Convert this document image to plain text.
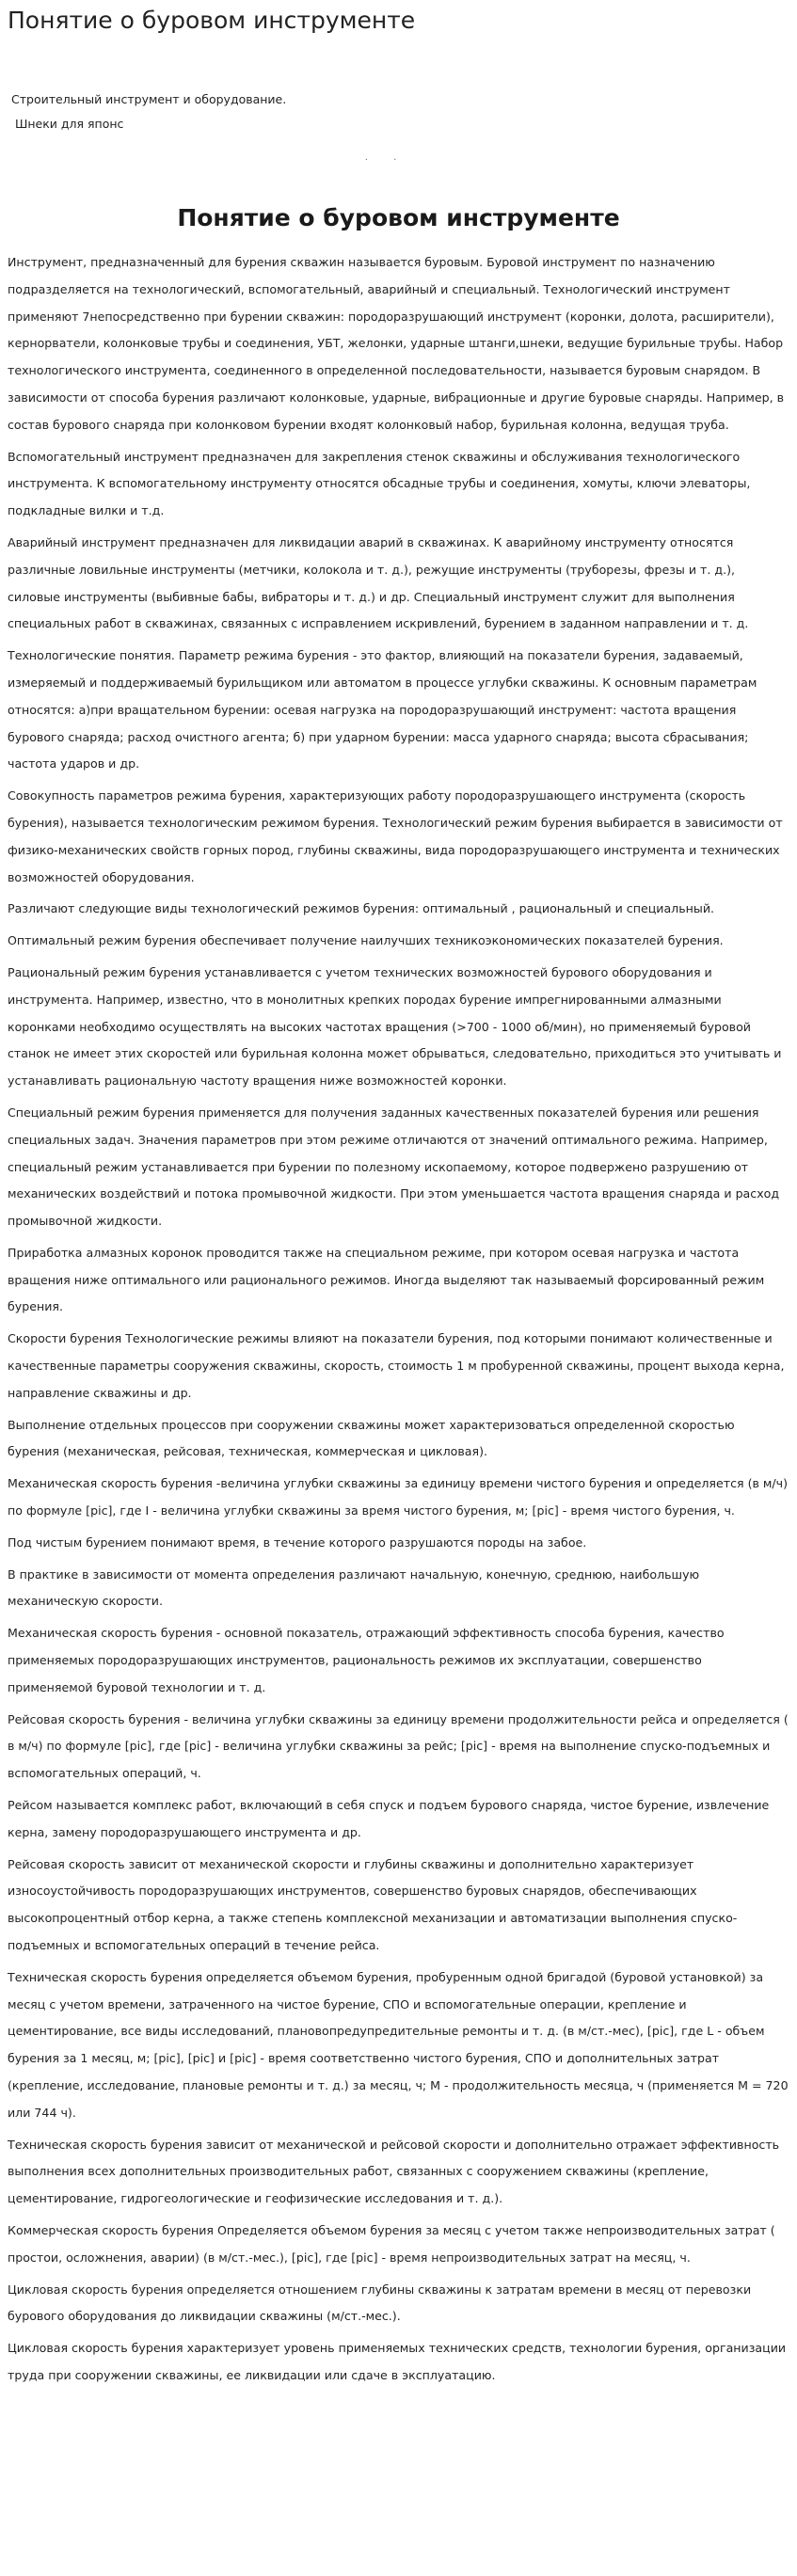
Понятие о буровом инструменте
Строительный инструмент и оборудование.
Шнеки для японс
· ·
Понятие о буровом инструменте

Инструмент, предназначенный для бурения скважин называется буровым. Буровой инструмент по назначению подразделяется на технологический, вспомогательный, аварийный и специальный. Технологический инструмент применяют 7непосредственно при бурении скважин: породоразрушающий инструмент (коронки, долота, расширители), кернорватели, колонковые трубы и соединения, УБТ, желонки, ударные штанги,шнеки, ведущие бурильные трубы. Набор технологического инструмента, соединенного в определенной последовательности, называется буровым снарядом. В зависимости от способа бурения различают колонковые, ударные, вибрационные и другие буровые снаряды. Например, в состав бурового снаряда при колонковом бурении входят колонковый набор, бурильная колонна, ведущая труба.

Вспомогательный инструмент предназначен для закрепления стенок скважины и обслуживания технологического инструмента. К вспомогательному инструменту относятся обсадные трубы и соединения, хомуты, ключи элеваторы, подкладные вилки и т.д.

Аварийный инструмент предназначен для ликвидации аварий в скважинах. К аварийному инструменту относятся различные ловильные инструменты (метчики, колокола и т. д.), режущие инструменты (труборезы, фрезы и т. д.), силовые инструменты (выбивные бабы, вибраторы и т. д.) и др. Специальный инструмент служит для выполнения специальных работ в скважинах, связанных с исправлением искривлений, бурением в заданном направлении и т. д.

Технологические понятия. Параметр режима бурения - это фактор, влияющий на показатели бурения, задаваемый, измеряемый и поддерживаемый бурильщиком или автоматом в процессе углубки скважины. К основным параметрам относятся: а)при вращательном бурении: осевая нагрузка на породоразрушающий инструмент: частота вращения бурового снаряда; расход очистного агента; б) при ударном бурении: масса ударного снаряда; высота сбрасывания; частота ударов и др.

Совокупность параметров режима бурения, характеризующих работу породоразрушающего инструмента (скорость бурения), называется технологическим режимом бурения. Технологический режим бурения выбирается в зависимости от физико-механических свойств горных пород, глубины скважины, вида породоразрушающего инструмента и технических возможностей оборудования.

Различают следующие виды технологический режимов бурения: оптимальный , рациональный и специальный.

Оптимальный режим бурения обеспечивает получение наилучших техникоэкономических показателей бурения.

Рациональный режим бурения устанавливается с учетом технических возможностей бурового оборудования и инструмента. Например, известно, что в монолитных крепких породах бурение импрегнированными алмазными коронками необходимо осуществлять на высоких частотах вращения (>700 - 1000 об/мин), но применяемый буровой станок не имеет этих скоростей или бурильная колонна может обрываться, следовательно, приходиться это учитывать и устанавливать рациональную частоту вращения ниже возможностей коронки.

Специальный режим бурения применяется для получения заданных качественных показателей бурения или решения специальных задач. Значения параметров при этом режиме отличаются от значений оптимального режима. Например, специальный режим устанавливается при бурении по полезному ископаемому, которое подвержено разрушению от механических воздействий и потока промывочной жидкости. При этом уменьшается частота вращения снаряда и расход промывочной жидкости.

Приработка алмазных коронок проводится также на специальном режиме, при котором осевая нагрузка и частота вращения ниже оптимального или рационального режимов. Иногда выделяют так называемый форсированный режим бурения.

Скорости бурения Технологические режимы влияют на показатели бурения, под которыми понимают количественные и качественные параметры сооружения скважины, скорость, стоимость 1 м пробуренной скважины, процент выхода керна, направление скважины и др.

Выполнение отдельных процессов при сооружении скважины может характеризоваться определенной скоростью бурения (механическая, рейсовая, техническая, коммерческая и цикловая).

Механическая скорость бурения -величина углубки скважины за единицу времени чистого бурения и определяется (в м/ч) по формуле [pic], где I - величина углубки скважины за время чистого бурения, м; [pic] - время чистого бурения, ч.

Под чистым бурением понимают время, в течение которого разрушаются породы на забое.

В практике в зависимости от момента определения различают начальную, конечную, среднюю, наибольшую механическую скорости.

Механическая скорость бурения - основной показатель, отражающий эффективность способа бурения, качество применяемых породоразрушающих инструментов, рациональность режимов их эксплуатации, совершенство применяемой буровой технологии и т. д.

Рейсовая скорость бурения - величина углубки скважины за единицу времени продолжительности рейса и определяется ( в м/ч) по формуле [pic], где [pic] - величина углубки скважины за рейс; [pic] - время на выполнение спуско-подъемных и вспомогательных операций, ч.

Рейсом называется комплекс работ, включающий в себя спуск и подъем бурового снаряда, чистое бурение, извлечение керна, замену породоразрушающего инструмента и др.

Рейсовая скорость зависит от механической скорости и глубины скважины и дополнительно характеризует износоустойчивость породоразрушающих инструментов, совершенство буровых снарядов, обеспечивающих высокопроцентный отбор керна, а также степень комплексной механизации и автоматизации выполнения спуско-подъемных и вспомогательных операций в течение рейса.

Техническая скорость бурения определяется объемом бурения, пробуренным одной бригадой (буровой установкой) за месяц с учетом времени, затраченного на чистое бурение, СПО и вспомогательные операции, крепление и цементирование, все виды исследований, плановопредупредительные ремонты и т. д. (в м/ст.-мес), [pic], где L - объем бурения за 1 месяц, м; [pic], [pic] и [pic] - время соответственно чистого бурения, СПО и дополнительных затрат (крепление, исследование, плановые ремонты и т. д.) за месяц, ч; М - продолжительность месяца, ч (применяется М = 720 или 744 ч).

Техническая скорость бурения зависит от механической и рейсовой скорости и дополнительно отражает эффективность выполнения всех дополнительных производительных работ, связанных с сооружением скважины (крепление, цементирование, гидрогеологические и геофизические исследования и т. д.).

Коммерческая скорость бурения Определяется объемом бурения за месяц с учетом также непроизводительных затрат ( простои, осложнения, аварии) (в м/ст.-мес.), [pic], где [pic] - время непроизводительных затрат на месяц, ч.

Цикловая скорость бурения определяется отношением глубины скважины к затратам времени в месяц от перевозки бурового оборудования до ликвидации скважины (м/ст.-мес.).

Цикловая скорость бурения характеризует уровень применяемых технических средств, технологии бурения, организации труда при сооружении скважины, ее ликвидации или сдаче в эксплуатацию.
